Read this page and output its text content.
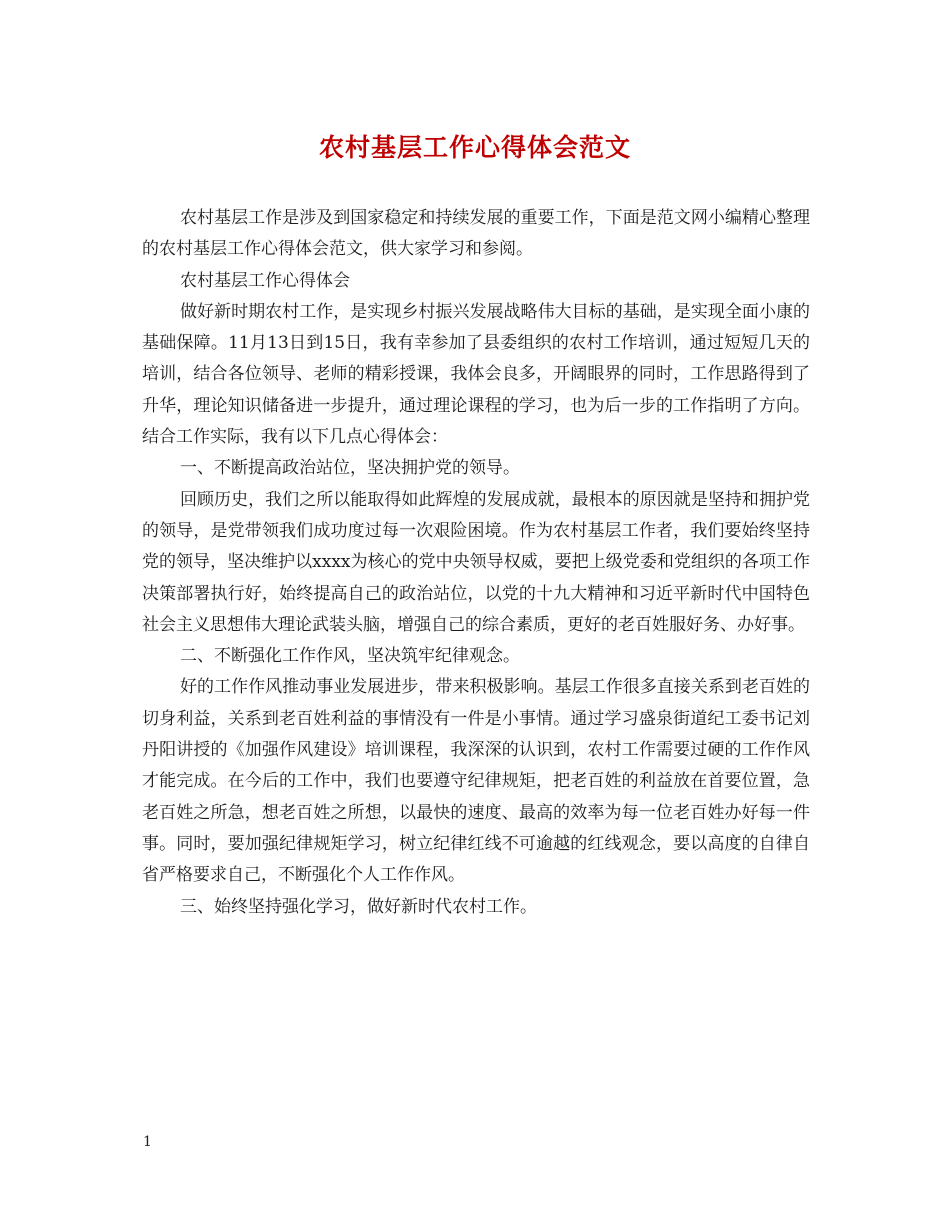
农村基层工作心得体会范文

农村基层工作是涉及到国家稳定和持续发展的重要工作，下面是范文网小编精心整理的农村基层工作心得体会范文，供大家学习和参阅。

农村基层工作心得体会

做好新时期农村工作，是实现乡村振兴发展战略伟大目标的基础，是实现全面小康的基础保障。11月13日到15日，我有幸参加了县委组织的农村工作培训，通过短短几天的培训，结合各位领导、老师的精彩授课，我体会良多，开阔眼界的同时，工作思路得到了升华，理论知识储备进一步提升，通过理论课程的学习，也为后一步的工作指明了方向。结合工作实际，我有以下几点心得体会：

一、不断提高政治站位，坚决拥护党的领导。

回顾历史，我们之所以能取得如此辉煌的发展成就，最根本的原因就是坚持和拥护党的领导，是党带领我们成功度过每一次艰险困境。作为农村基层工作者，我们要始终坚持党的领导，坚决维护以xxxx为核心的党中央领导权威，要把上级党委和党组织的各项工作决策部署执行好，始终提高自己的政治站位，以党的十九大精神和习近平新时代中国特色社会主义思想伟大理论武装头脑，增强自己的综合素质，更好的老百姓服好务、办好事。

二、不断强化工作作风，坚决筑牢纪律观念。

好的工作作风推动事业发展进步，带来积极影响。基层工作很多直接关系到老百姓的切身利益，关系到老百姓利益的事情没有一件是小事情。通过学习盛泉街道纪工委书记刘丹阳讲授的《加强作风建设》培训课程，我深深的认识到，农村工作需要过硬的工作作风才能完成。在今后的工作中，我们也要遵守纪律规矩，把老百姓的利益放在首要位置，急老百姓之所急，想老百姓之所想，以最快的速度、最高的效率为每一位老百姓办好每一件事。同时，要加强纪律规矩学习，树立纪律红线不可逾越的红线观念，要以高度的自律自省严格要求自己，不断强化个人工作作风。

三、始终坚持强化学习，做好新时代农村工作。

1
